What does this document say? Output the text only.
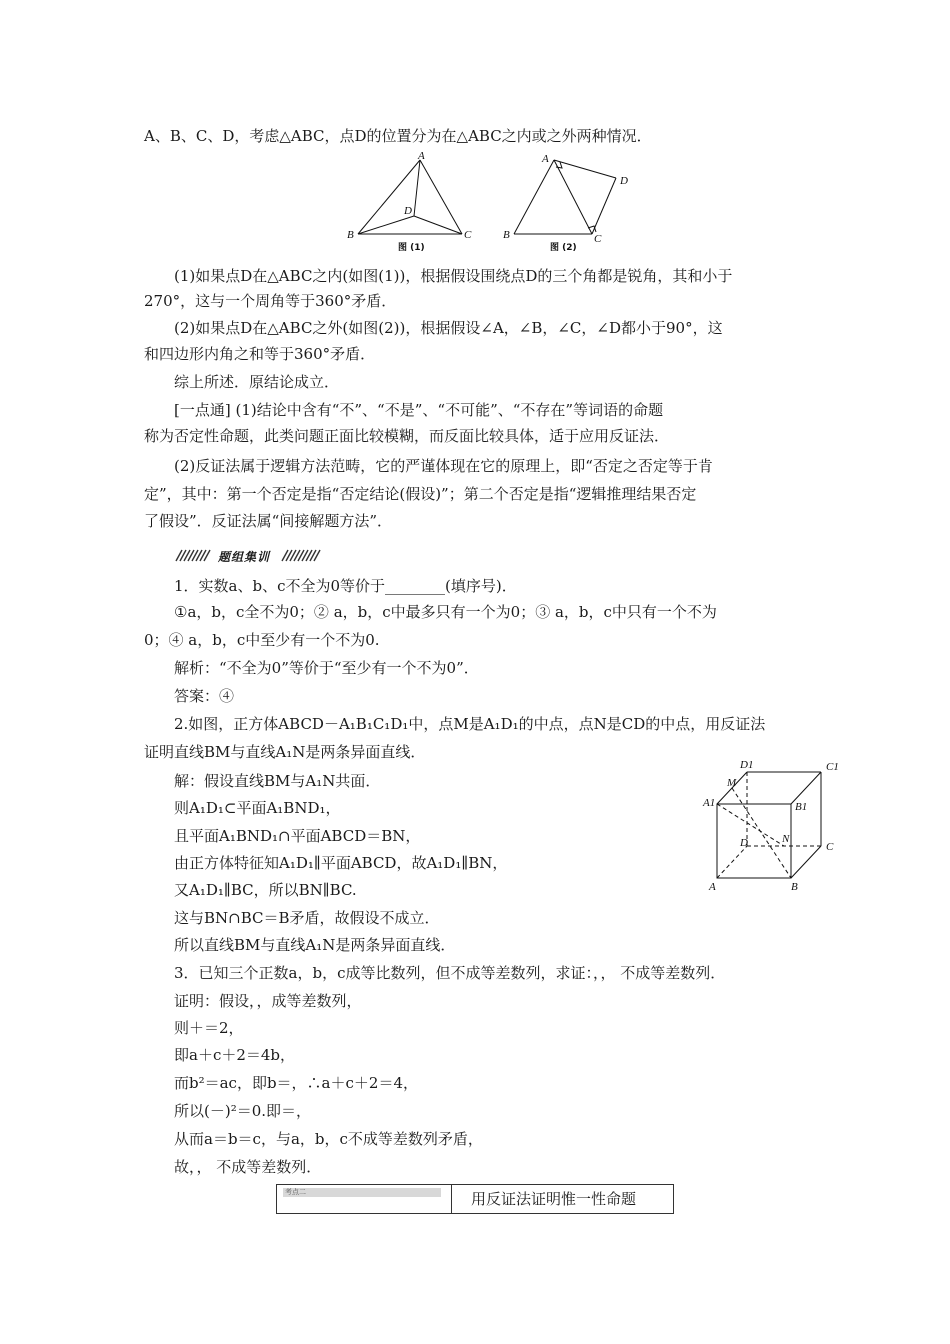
A、B、C、D，考虑△ABC，点D的位置分为在△ABC之内或之外两种情况．
A
B	C
D
图 (1)
A
B	C
D
图 (2)
(1)如果点D在△ABC之内(如图(1))，根据假设围绕点D的三个角都是锐角，其和小于
270°，这与一个周角等于360°矛盾．
(2)如果点D在△ABC之外(如图(2))，根据假设∠A，∠B，∠C，∠D都小于90°，这
和四边形内角之和等于360°矛盾．
综上所述．原结论成立．
[一点通] (1)结论中含有“不”、“不是”、“不可能”、“不存在”等词语的命题
称为否定性命题，此类问题正面比较模糊，而反面比较具体，适于应用反证法．
(2)反证法属于逻辑方法范畴，它的严谨体现在它的原理上，即“否定之否定等于肯
定”，其中：第一个否定是指“否定结论(假设)”；第二个否定是指“逻辑推理结果否定
了假设”．反证法属“间接解题方法”．
题组集训
1．实数a、b、c不全为0等价于________(填序号)．
①a，b，c全不为0；② a，b，c中最多只有一个为0；③ a，b，c中只有一个不为
0；④ a，b，c中至少有一个不为0.
解析：“不全为0”等价于“至少有一个不为0”．
答案：④
2.如图，正方体ABCD－A₁B₁C₁D₁中，点M是A₁D₁的中点，点N是CD的中点，用反证法
证明直线BM与直线A₁N是两条异面直线．
解：假设直线BM与A₁N共面．
则A₁D₁⊂平面A₁BND₁，
且平面A₁BND₁∩平面ABCD＝BN，
由正方体特征知A₁D₁∥平面ABCD，故A₁D₁∥BN，
又A₁D₁∥BC，所以BN∥BC.
这与BN∩BC＝B矛盾，故假设不成立．
所以直线BM与直线A₁N是两条异面直线．
D1	C1
M
A1	B1
N
D	C
A	B
3．已知三个正数a，b，c成等比数列，但不成等差数列，求证：，， 不成等差数列．
证明：假设，，成等差数列，
则＋＝2，
即a＋c＋2＝4b，
而b²＝ac，即b＝，∴a＋c＋2＝4，
所以(－)²＝0.即＝，
从而a＝b＝c，与a，b，c不成等差数列矛盾，
故，， 不成等差数列．
考点二	用反证法证明惟一性命题
